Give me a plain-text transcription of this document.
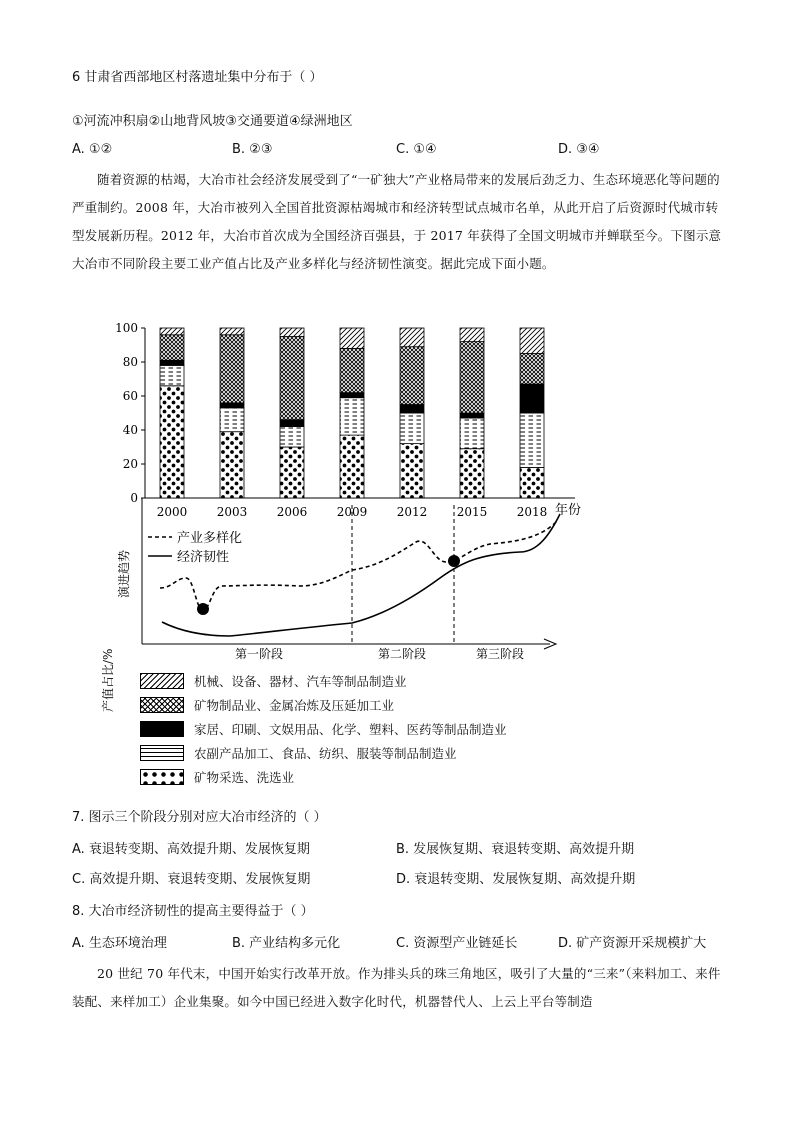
6 甘肃省西部地区村落遗址集中分布于（ ）
①河流冲积扇②山地背风坡③交通要道④绿洲地区
A. ①②	B. ②③	C. ①④	D. ③④
随着资源的枯竭，大冶市社会经济发展受到了“一矿独大”产业格局带来的发展后劲乏力、生态环境恶化等问题的严重制约。2008 年，大冶市被列入全国首批资源枯竭城市和经济转型试点城市名单，从此开启了后资源时代城市转型发展新历程。2012 年，大冶市首次成为全国经济百强县，于 2017 年获得了全国文明城市并蝉联至今。下图示意大冶市不同阶段主要工业产值占比及产业多样化与经济韧性演变。据此完成下面小题。
0
20
40
60
80
100
2000 2003 2006 2009 2012 2015 2018
产值占比/%
年份
产业多样化
经济韧性
演进趋势
第一阶段	第二阶段	第三阶段
机械、设备、器材、汽车等制品制造业
矿物制品业、金属冶炼及压延加工业
家居、印刷、文娱用品、化学、塑料、医药等制品制造业
农副产品加工、食品、纺织、服装等制品制造业
矿物采选、洗选业
7. 图示三个阶段分别对应大冶市经济的（ ）
A. 衰退转变期、高效提升期、发展恢复期	B. 发展恢复期、衰退转变期、高效提升期
C. 高效提升期、衰退转变期、发展恢复期	D. 衰退转变期、发展恢复期、高效提升期
8. 大冶市经济韧性的提高主要得益于（ ）
A. 生态环境治理	B. 产业结构多元化	C. 资源型产业链延长	D. 矿产资源开采规模扩大
20 世纪 70 年代末，中国开始实行改革开放。作为排头兵的珠三角地区，吸引了大量的“三来”（来料加工、来件装配、来样加工）企业集聚。如今中国已经进入数字化时代，机器替代人、上云上平台等制造
